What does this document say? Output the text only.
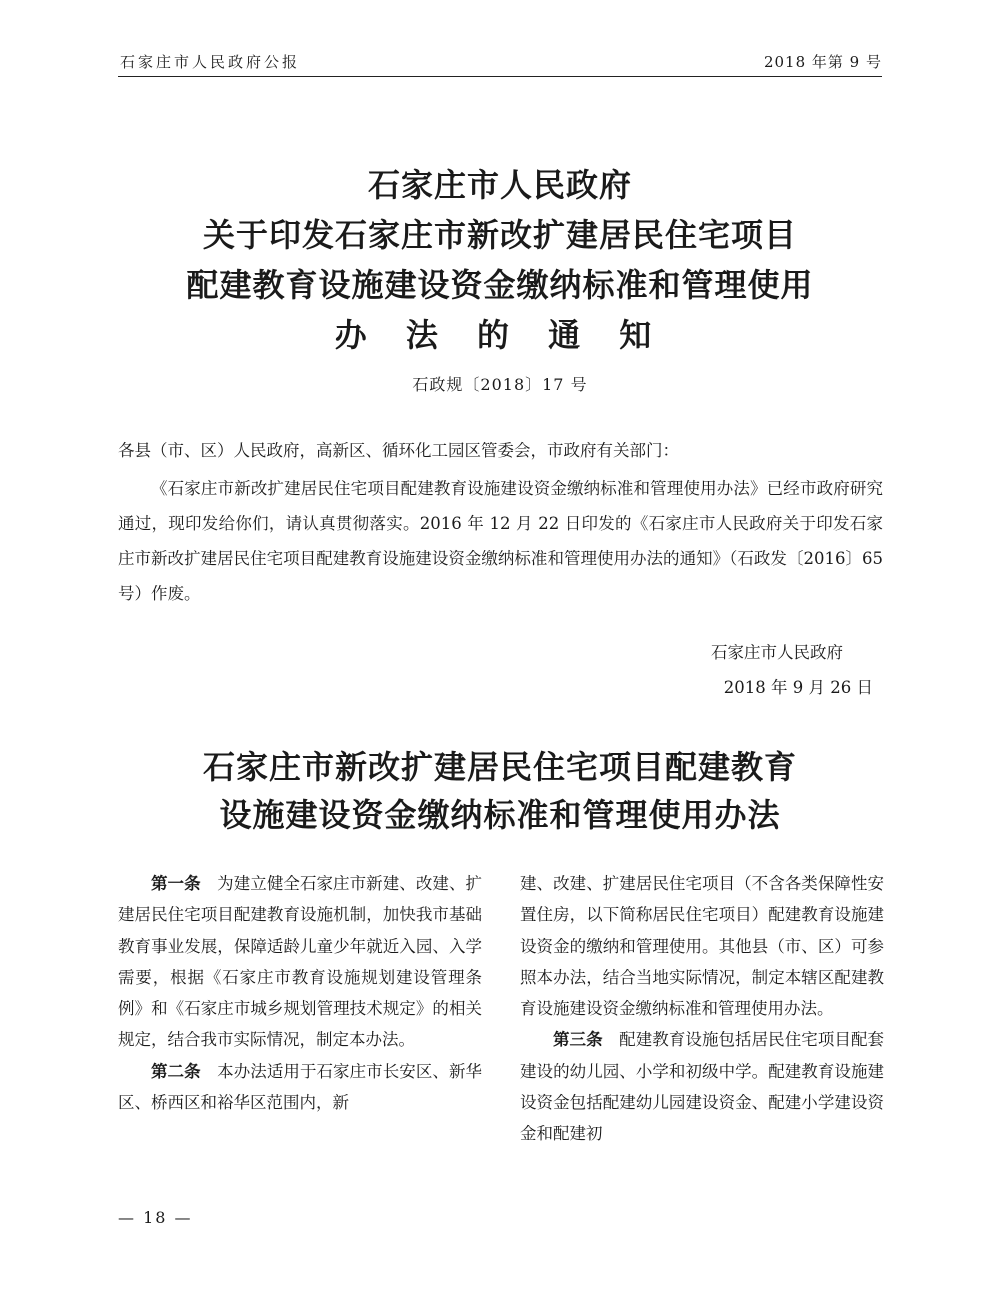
石家庄市人民政府公报	2018 年第 9 号
石家庄市人民政府
关于印发石家庄市新改扩建居民住宅项目
配建教育设施建设资金缴纳标准和管理使用
办 法 的 通 知
石政规〔2018〕17 号
各县（市、区）人民政府，高新区、循环化工园区管委会，市政府有关部门：
《石家庄市新改扩建居民住宅项目配建教育设施建设资金缴纳标准和管理使用办法》已经市政府研究通过，现印发给你们，请认真贯彻落实。2016 年 12 月 22 日印发的《石家庄市人民政府关于印发石家庄市新改扩建居民住宅项目配建教育设施建设资金缴纳标准和管理使用办法的通知》（石政发〔2016〕65 号）作废。
石家庄市人民政府
2018 年 9 月 26 日
石家庄市新改扩建居民住宅项目配建教育
设施建设资金缴纳标准和管理使用办法

第一条 为建立健全石家庄市新建、改建、扩建居民住宅项目配建教育设施机制，加快我市基础教育事业发展，保障适龄儿童少年就近入园、入学需要，根据《石家庄市教育设施规划建设管理条例》和《石家庄市城乡规划管理技术规定》的相关规定，结合我市实际情况，制定本办法。

第二条 本办法适用于石家庄市长安区、新华区、桥西区和裕华区范围内，新

建、改建、扩建居民住宅项目（不含各类保障性安置住房，以下简称居民住宅项目）配建教育设施建设资金的缴纳和管理使用。其他县（市、区）可参照本办法，结合当地实际情况，制定本辖区配建教育设施建设资金缴纳标准和管理使用办法。

第三条 配建教育设施包括居民住宅项目配套建设的幼儿园、小学和初级中学。配建教育设施建设资金包括配建幼儿园建设资金、配建小学建设资金和配建初

— 18 —
